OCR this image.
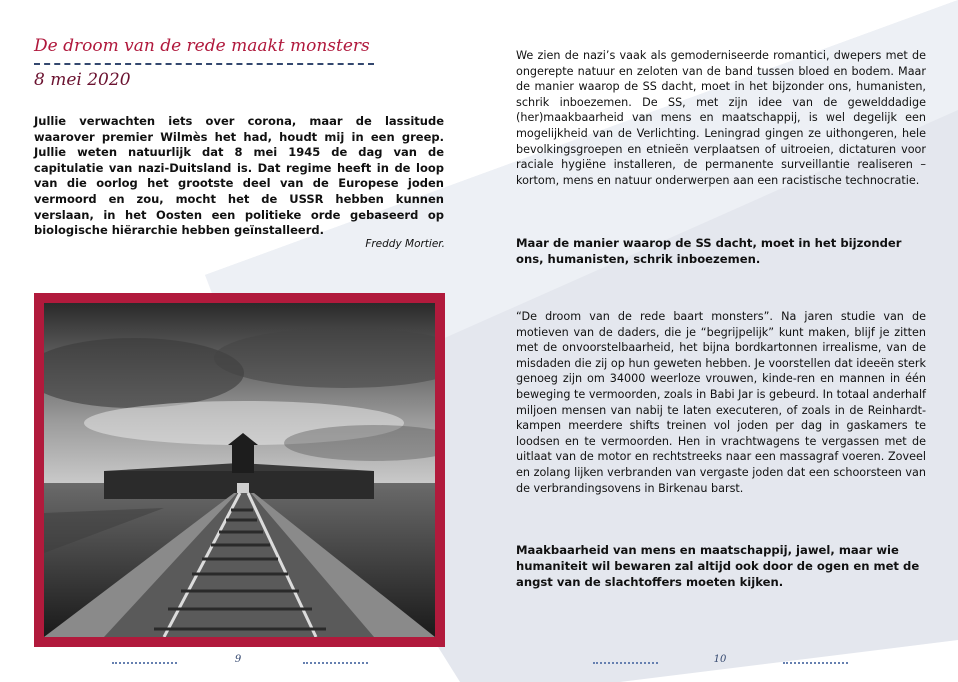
De droom van de rede maakt monsters
8 mei 2020

Jullie verwachten iets over corona, maar de lassitude waarover premier Wilmès het had, houdt mij in een greep. Jullie weten natuurlijk dat 8 mei 1945 de dag van de capitulatie van nazi-Duitsland is. Dat regime heeft in de loop van die oorlog het grootste deel van de Europese joden vermoord en zou, mocht het de USSR hebben kunnen verslaan, in het Oosten een politieke orde gebaseerd op biologische hiërarchie hebben geïnstalleerd.

Freddy Mortier.

9

We zien de nazi’s vaak als gemoderniseerde romantici, dwepers met de ongerepte natuur en zeloten van de band tussen bloed en bodem. Maar de manier waarop de SS dacht, moet in het bijzonder ons, humanisten, schrik inboezemen. De SS, met zijn idee van de gewelddadige (her)maakbaarheid van mens en maatschappij, is wel degelijk een mogelijkheid van de Verlichting. Leningrad gingen ze uithongeren, hele bevolkingsgroepen en etnieën verplaatsen of uitroeien, dictaturen voor raciale hygiëne installeren, de permanente surveillantie realiseren – kortom, mens en natuur onderwerpen aan een racistische technocratie.

Maar de manier waarop de SS dacht, moet in het bijzonder ons, humanisten, schrik inboezemen.

“De droom van de rede baart monsters”. Na jaren studie van de motieven van de daders, die je “begrijpelijk” kunt maken, blijf je zitten met de onvoorstelbaarheid, het bijna bordkartonnen irrealisme, van de misdaden die zij op hun geweten hebben. Je voorstellen dat ideeën sterk genoeg zijn om 34000 weerloze vrouwen, kinde-ren en mannen in één beweging te vermoorden, zoals in Babi Jar is gebeurd. In totaal anderhalf miljoen mensen van nabij te laten executeren, of zoals in de Reinhardt-kampen meerdere shifts treinen vol joden per dag in gaskamers te loodsen en te vermoorden. Hen in vrachtwagens te vergassen met de uitlaat van de motor en rechtstreeks naar een massagraf voeren. Zoveel en zolang lijken verbranden van vergaste joden dat een schoorsteen van de verbrandingsovens in Birkenau barst.

Maakbaarheid van mens en maatschappij, jawel, maar wie humaniteit wil bewaren zal altijd ook door de ogen en met de angst van de slachtoffers moeten kijken.

10
